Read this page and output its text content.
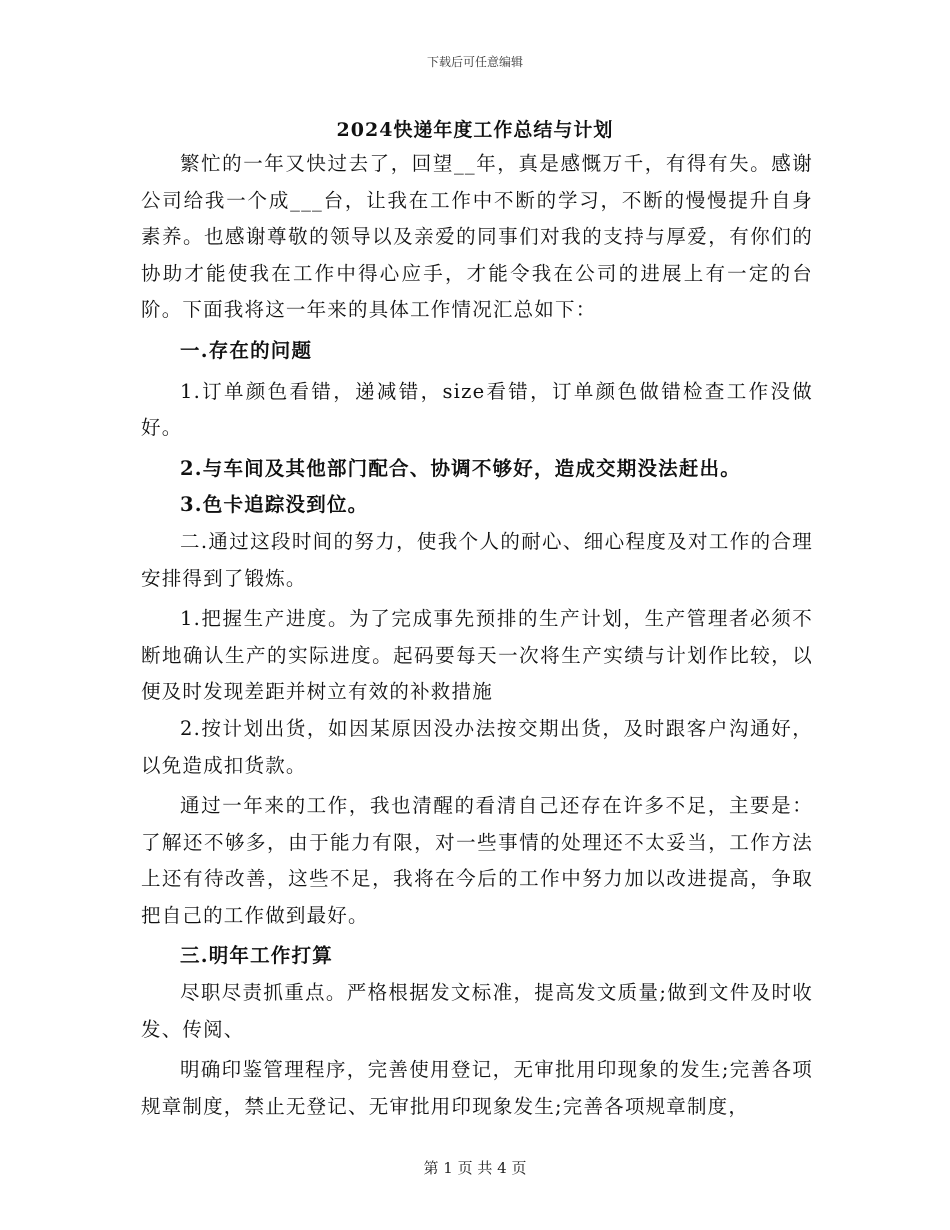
下载后可任意编辑
2024快递年度工作总结与计划

繁忙的一年又快过去了，回望__年，真是感慨万千，有得有失。感谢公司给我一个成___台，让我在工作中不断的学习，不断的慢慢提升自身素养。也感谢尊敬的领导以及亲爱的同事们对我的支持与厚爱，有你们的协助才能使我在工作中得心应手，才能令我在公司的进展上有一定的台阶。下面我将这一年来的具体工作情况汇总如下：

一.存在的问题

1.订单颜色看错，递减错，size看错，订单颜色做错检查工作没做好。

2.与车间及其他部门配合、协调不够好，造成交期没法赶出。

3.色卡追踪没到位。

二.通过这段时间的努力，使我个人的耐心、细心程度及对工作的合理安排得到了锻炼。

1.把握生产进度。为了完成事先预排的生产计划，生产管理者必须不断地确认生产的实际进度。起码要每天一次将生产实绩与计划作比较，以便及时发现差距并树立有效的补救措施

2.按计划出货，如因某原因没办法按交期出货，及时跟客户沟通好，以免造成扣货款。

通过一年来的工作，我也清醒的看清自己还存在许多不足，主要是：了解还不够多，由于能力有限，对一些事情的处理还不太妥当，工作方法上还有待改善，这些不足，我将在今后的工作中努力加以改进提高，争取把自己的工作做到最好。

三.明年工作打算

尽职尽责抓重点。严格根据发文标准，提高发文质量;做到文件及时收发、传阅、

明确印鉴管理程序，完善使用登记，无审批用印现象的发生;完善各项规章制度，禁止无登记、无审批用印现象发生;完善各项规章制度，

第 1 页 共 4 页
